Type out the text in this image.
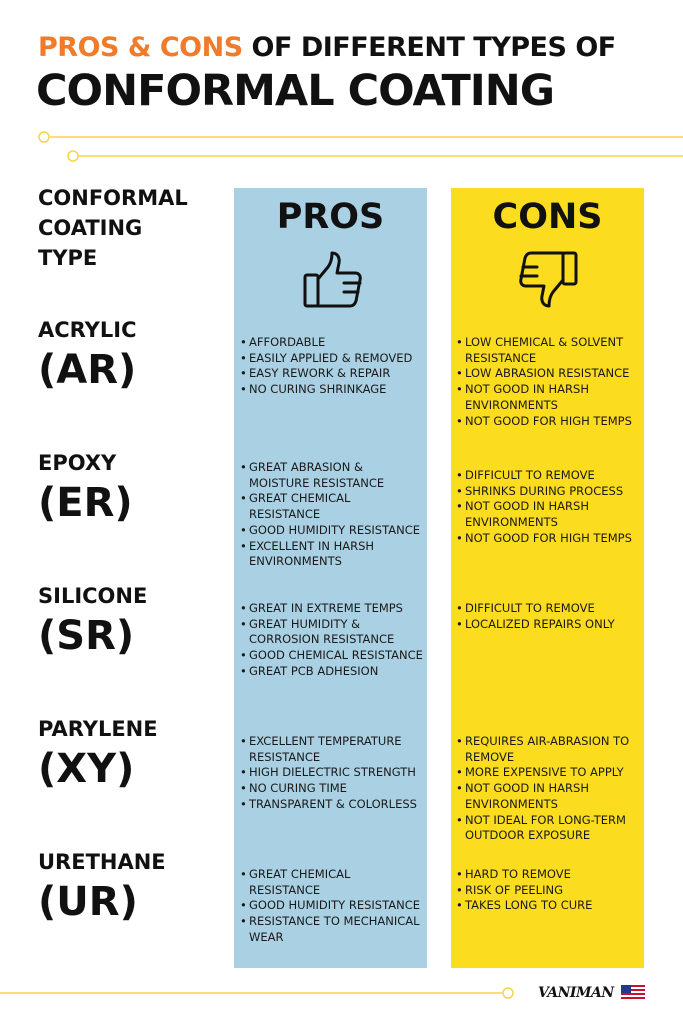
PROS & CONS OF DIFFERENT TYPES OF
CONFORMAL COATING
CONFORMAL
COATING
TYPE
PROS	CONS
ACRYLIC
(AR)
• AFFORDABLE
• EASILY APPLIED & REMOVED
• EASY REWORK & REPAIR
• NO CURING SHRINKAGE
• LOW CHEMICAL & SOLVENT RESISTANCE
• LOW ABRASION RESISTANCE
• NOT GOOD IN HARSH ENVIRONMENTS
• NOT GOOD FOR HIGH TEMPS
EPOXY
(ER)
• GREAT ABRASION & MOISTURE RESISTANCE
• GREAT CHEMICAL RESISTANCE
• GOOD HUMIDITY RESISTANCE
• EXCELLENT IN HARSH ENVIRONMENTS
• DIFFICULT TO REMOVE
• SHRINKS DURING PROCESS
• NOT GOOD IN HARSH ENVIRONMENTS
• NOT GOOD FOR HIGH TEMPS
SILICONE
(SR)
• GREAT IN EXTREME TEMPS
• GREAT HUMIDITY & CORROSION RESISTANCE
• GOOD CHEMICAL RESISTANCE
• GREAT PCB ADHESION
• DIFFICULT TO REMOVE
• LOCALIZED REPAIRS ONLY
PARYLENE
(XY)
• EXCELLENT TEMPERATURE RESISTANCE
• HIGH DIELECTRIC STRENGTH
• NO CURING TIME
• TRANSPARENT & COLORLESS
• REQUIRES AIR-ABRASION TO REMOVE
• MORE EXPENSIVE TO APPLY
• NOT GOOD IN HARSH ENVIRONMENTS
• NOT IDEAL FOR LONG-TERM OUTDOOR EXPOSURE
URETHANE
(UR)
• GREAT CHEMICAL RESISTANCE
• GOOD HUMIDITY RESISTANCE
• RESISTANCE TO MECHANICAL WEAR
• HARD TO REMOVE
• RISK OF PEELING
• TAKES LONG TO CURE
VANIMAN
